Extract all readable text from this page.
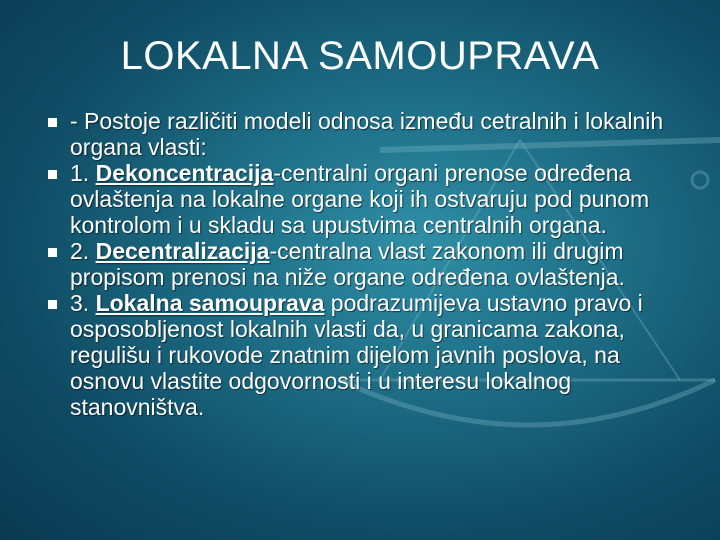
LOKALNA SAMOUPRAVA
- Postoje različiti modeli odnosa između cetralnih i lokalnih organa vlasti:
1. Dekoncentracija-centralni organi prenose određena ovlaštenja na lokalne organe koji ih ostvaruju pod punom kontrolom i u skladu sa upustvima centralnih organa.
2. Decentralizacija-centralna vlast zakonom ili drugim propisom prenosi na niže organe određena ovlaštenja.
3. Lokalna samouprava podrazumijeva ustavno pravo i osposobljenost lokalnih vlasti da, u granicama zakona, regulišu i rukovode znatnim dijelom javnih poslova, na osnovu vlastite odgovornosti i u interesu lokalnog stanovništva.
